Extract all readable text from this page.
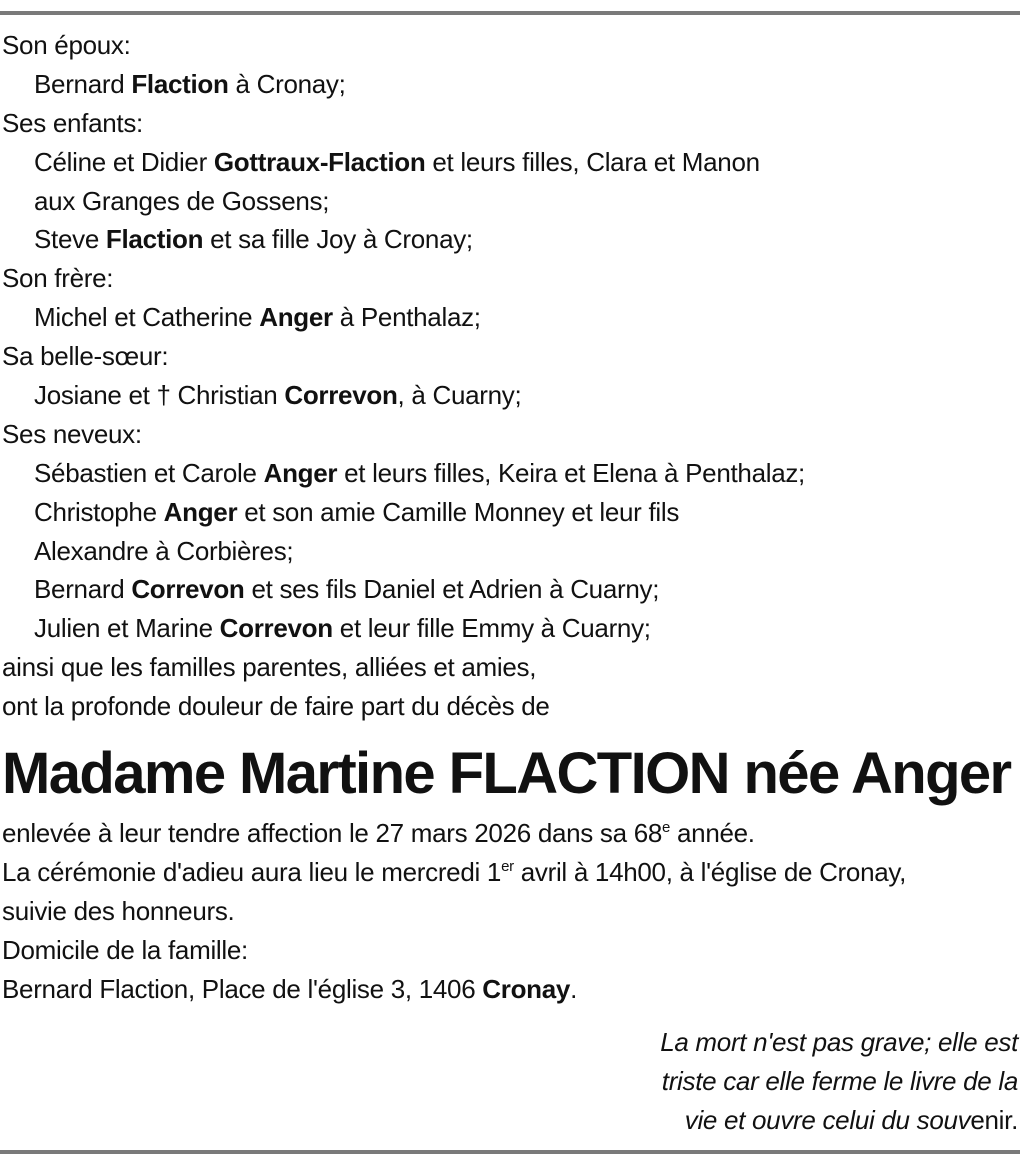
Son époux:
Bernard Flaction à Cronay;
Ses enfants:
Céline et Didier Gottraux-Flaction et leurs filles, Clara et Manon
aux Granges de Gossens;
Steve Flaction et sa fille Joy à Cronay;
Son frère:
Michel et Catherine Anger à Penthalaz;
Sa belle-sœur:
Josiane et † Christian Correvon, à Cuarny;
Ses neveux:
Sébastien et Carole Anger et leurs filles, Keira et Elena à Penthalaz;
Christophe Anger et son amie Camille Monney et leur fils
Alexandre à Corbières;
Bernard Correvon et ses fils Daniel et Adrien à Cuarny;
Julien et Marine Correvon et leur fille Emmy à Cuarny;
ainsi que les familles parentes, alliées et amies,
ont la profonde douleur de faire part du décès de
Madame Martine FLACTION née Anger
enlevée à leur tendre affection le 27 mars 2026 dans sa 68e année.
La cérémonie d'adieu aura lieu le mercredi 1er avril à 14h00, à l'église de Cronay,
suivie des honneurs.
Domicile de la famille:
Bernard Flaction, Place de l'église 3, 1406 Cronay.
La mort n'est pas grave; elle est
triste car elle ferme le livre de la
vie et ouvre celui du souvenir.
